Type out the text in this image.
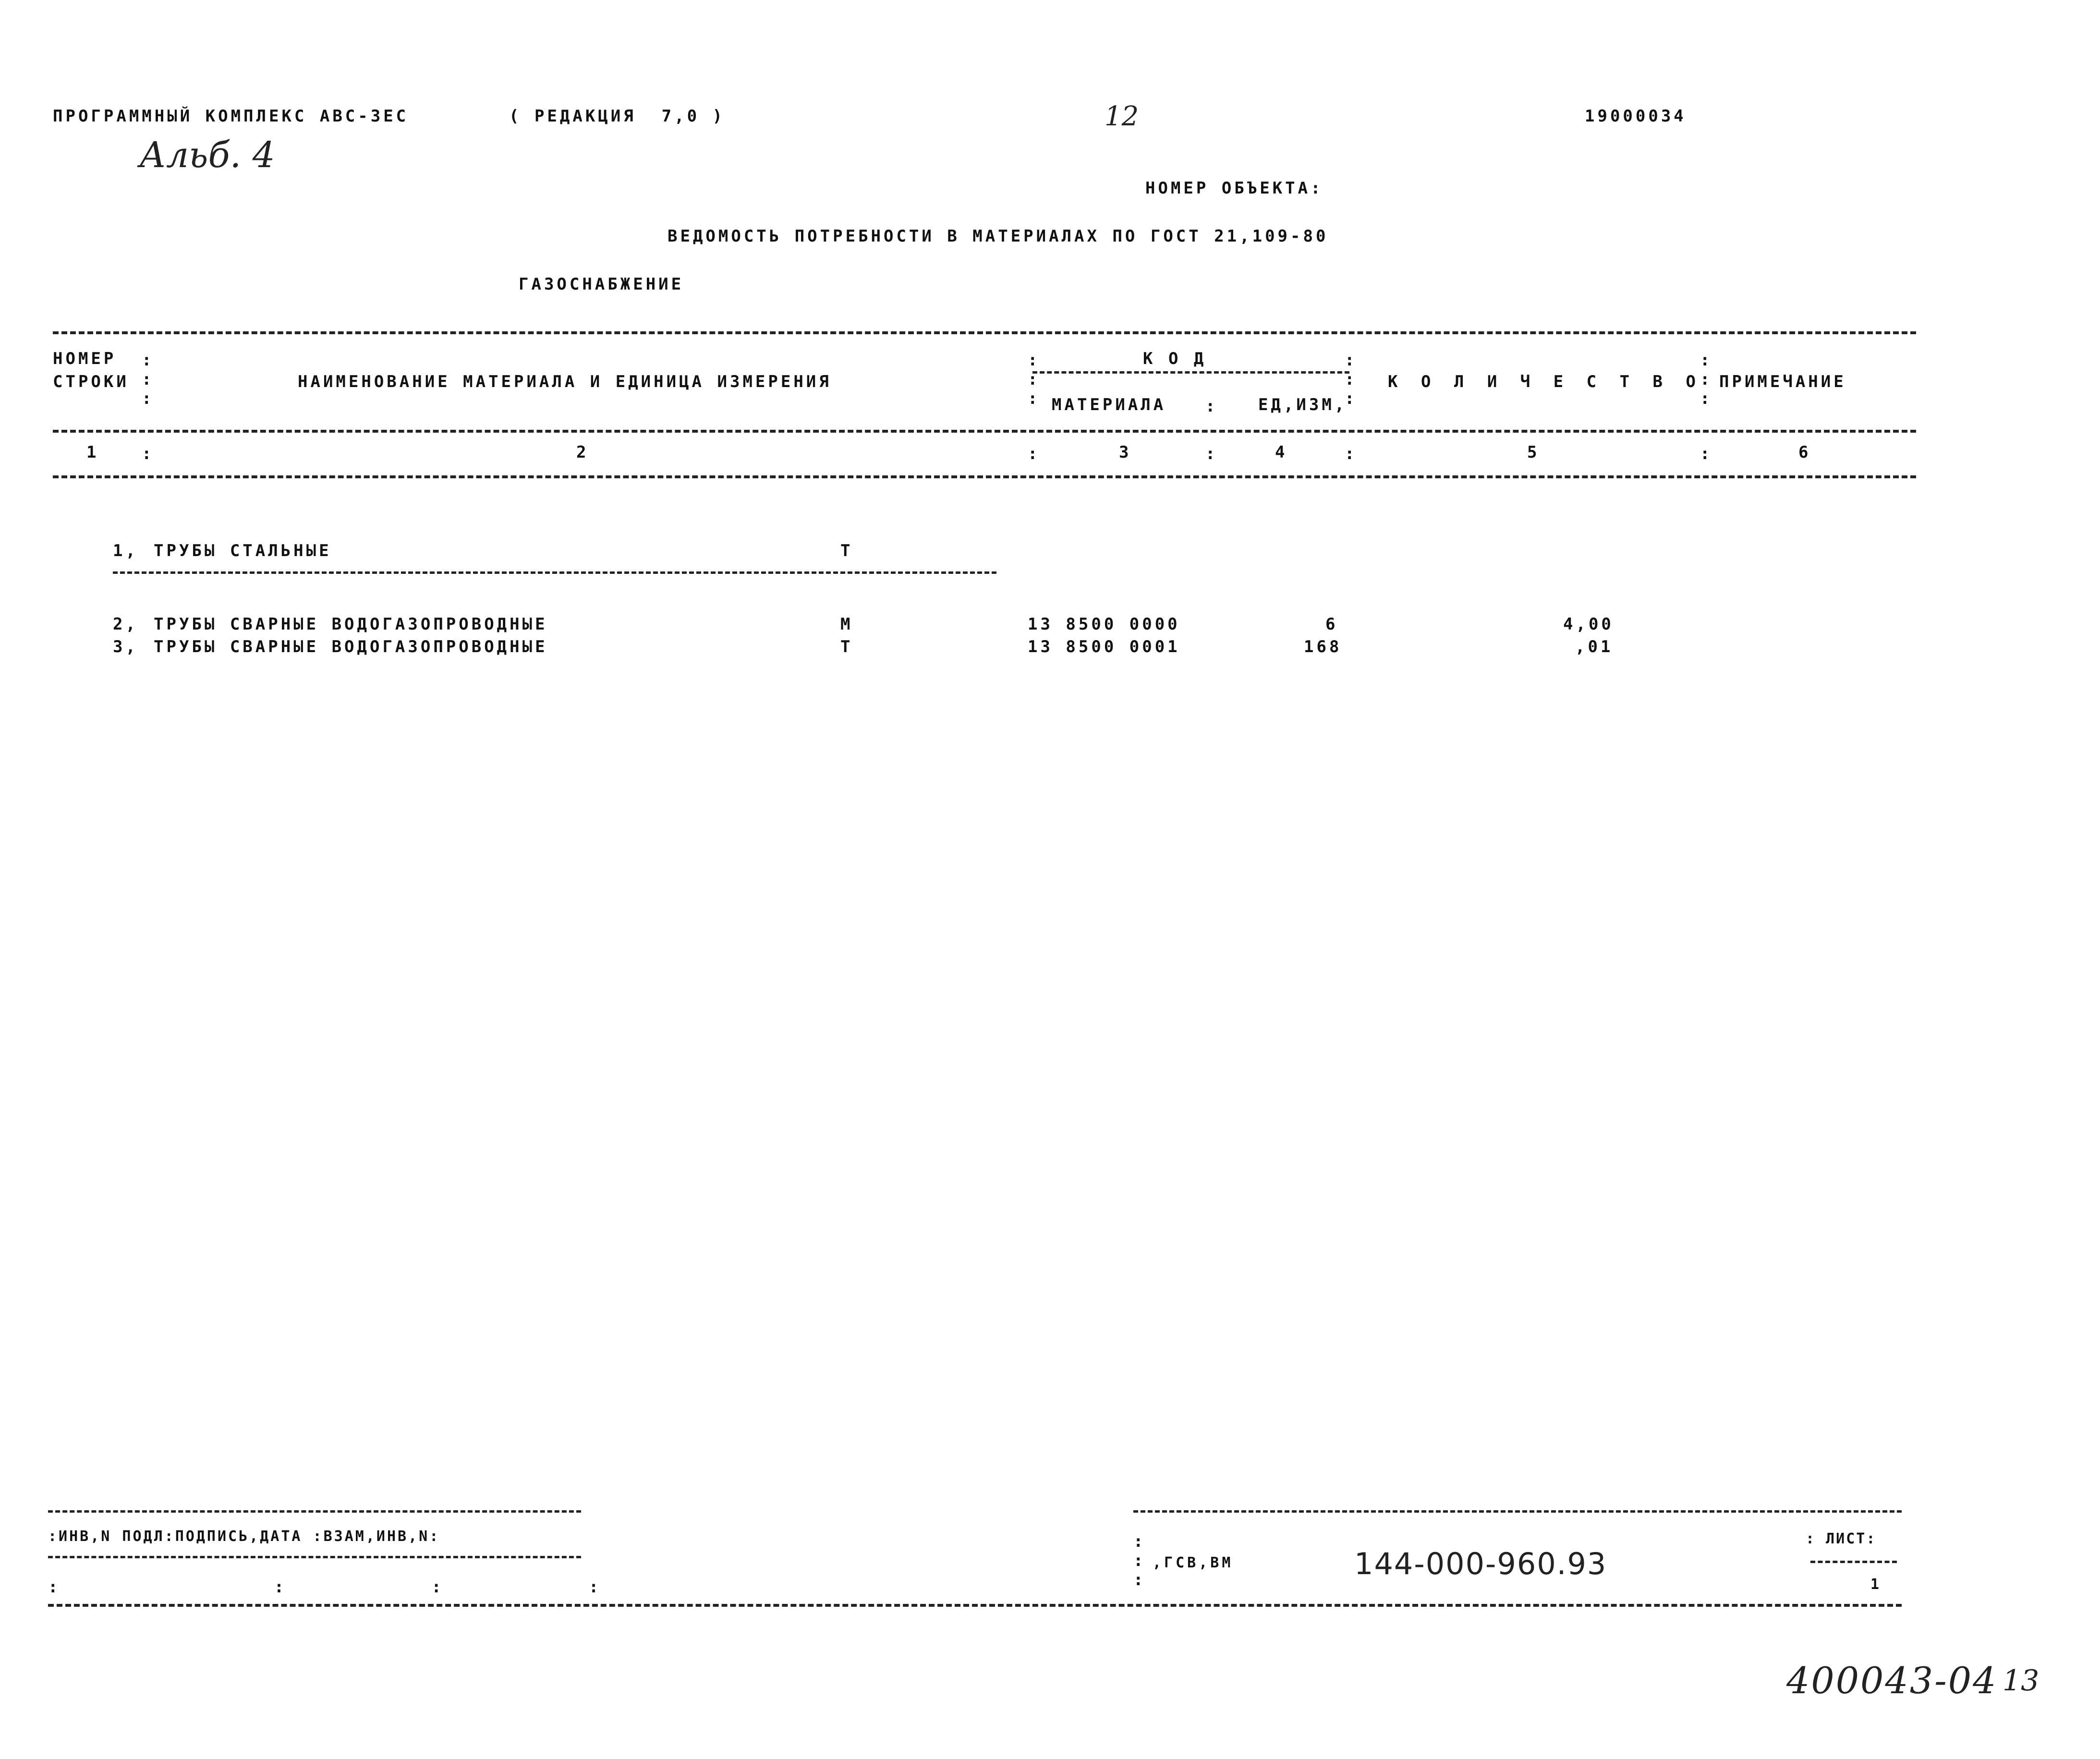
ПРОГРАММНЫЙ КОМПЛЕКС АВС-3ЕС	( РЕДАКЦИЯ  7,0 )	12	19000034
Альб. 4
НОМЕР ОБЪЕКТА:
ВЕДОМОСТЬ ПОТРЕБНОСТИ В МАТЕРИАЛАХ ПО ГОСТ 21,109-80
ГАЗОСНАБЖЕНИЕ
НОМЕР
СТРОКИ	НАИМЕНОВАНИЕ МАТЕРИАЛА И ЕДИНИЦА ИЗМЕРЕНИЯ
К О Д
МАТЕРИАЛА	ЕД,ИЗМ,
К О Л И Ч Е С Т В О ПРИМЕЧАНИЕ
:
:
:
:
:
:	:
:
:
:
:
:
:
1	2	3	4	5	6
:	:	:	:	:
1, ТРУБЫ СТАЛЬНЫЕ	Т
2, ТРУБЫ СВАРНЫЕ ВОДОГАЗОПРОВОДНЫЕ	М	13 8500 0000	6	4,00
3, ТРУБЫ СВАРНЫЕ ВОДОГАЗОПРОВОДНЫЕ	Т	13 8500 0001	168	,01
:ИНВ,N ПОДЛ:ПОДПИСЬ,ДАТА :ВЗАМ,ИНВ,N:
:                      :               :               :
:
:
:
,ГСВ,ВМ	144-000-960.93
: ЛИСТ:
1
400043-04 13
